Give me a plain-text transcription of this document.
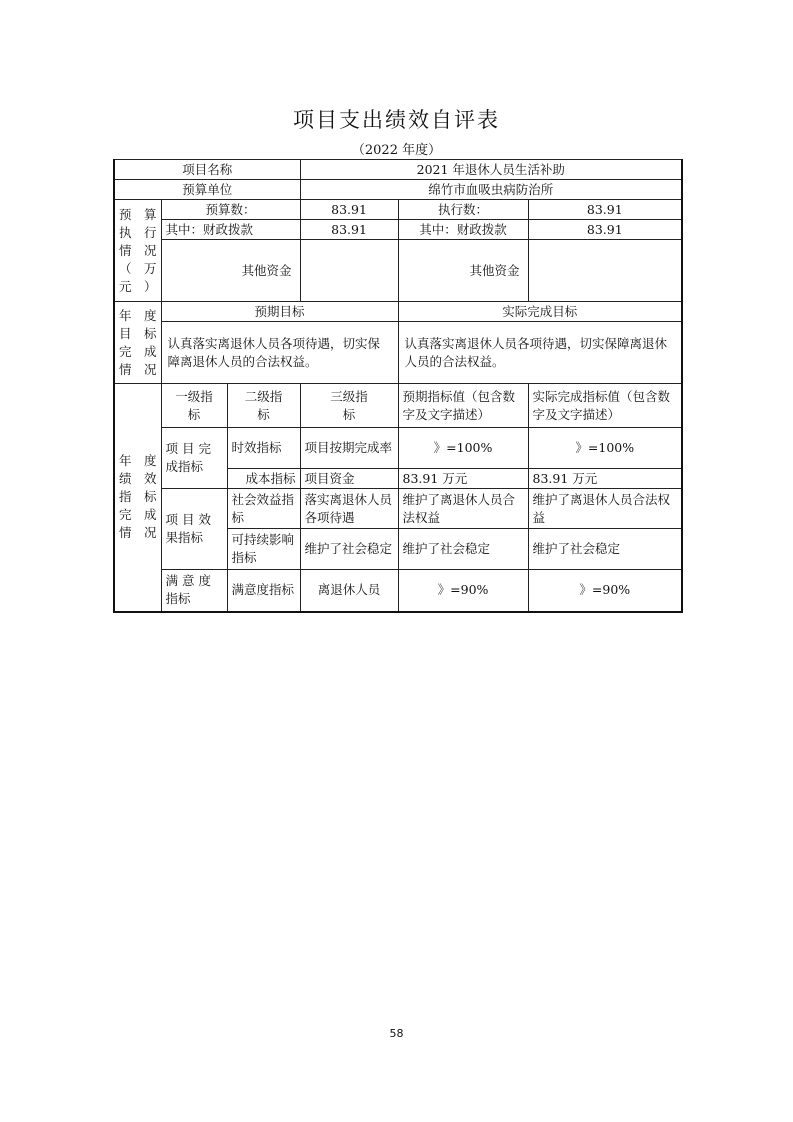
项目支出绩效自评表
（2022 年度）
项目名称			2021 年退休人员生活补助		
预算单位			绵竹市血吸虫病防治所		

预 算
执 行
情 况
（ 万
元）	预算数：		83.91	执行数：	83.91
	其中：财政拨款		83.91	其中：财政拨款	83.91
	其他资金			其他资金	

年 度
目 标
完 成
情况	预期目标			实际完成目标	
	认真落实离退休人员各项待遇，切实保障离退休人员的合法权益。			认真落实离退休人员各项待遇，切实保障离退休人员的合法权益。	

年 度
绩 效
指 标
完 成
情况	一级指标	二级指标	三级指标	预期指标值（包含数字及文字描述）	实际完成指标值（包含数字及文字描述）
	项 目 完成指标	时效指标	项目按期完成率	》=100%	》=100%
		成本指标	项目资金	83.91 万元	83.91 万元
	项 目 效果指标	社会效益指标	落实离退休人员各项待遇	维护了离退休人员合法权益	维护了离退休人员合法权益
		可持续影响指标	维护了社会稳定	维护了社会稳定	维护了社会稳定
	满 意 度指标	满意度指标	离退休人员	》=90%	》=90%
58
